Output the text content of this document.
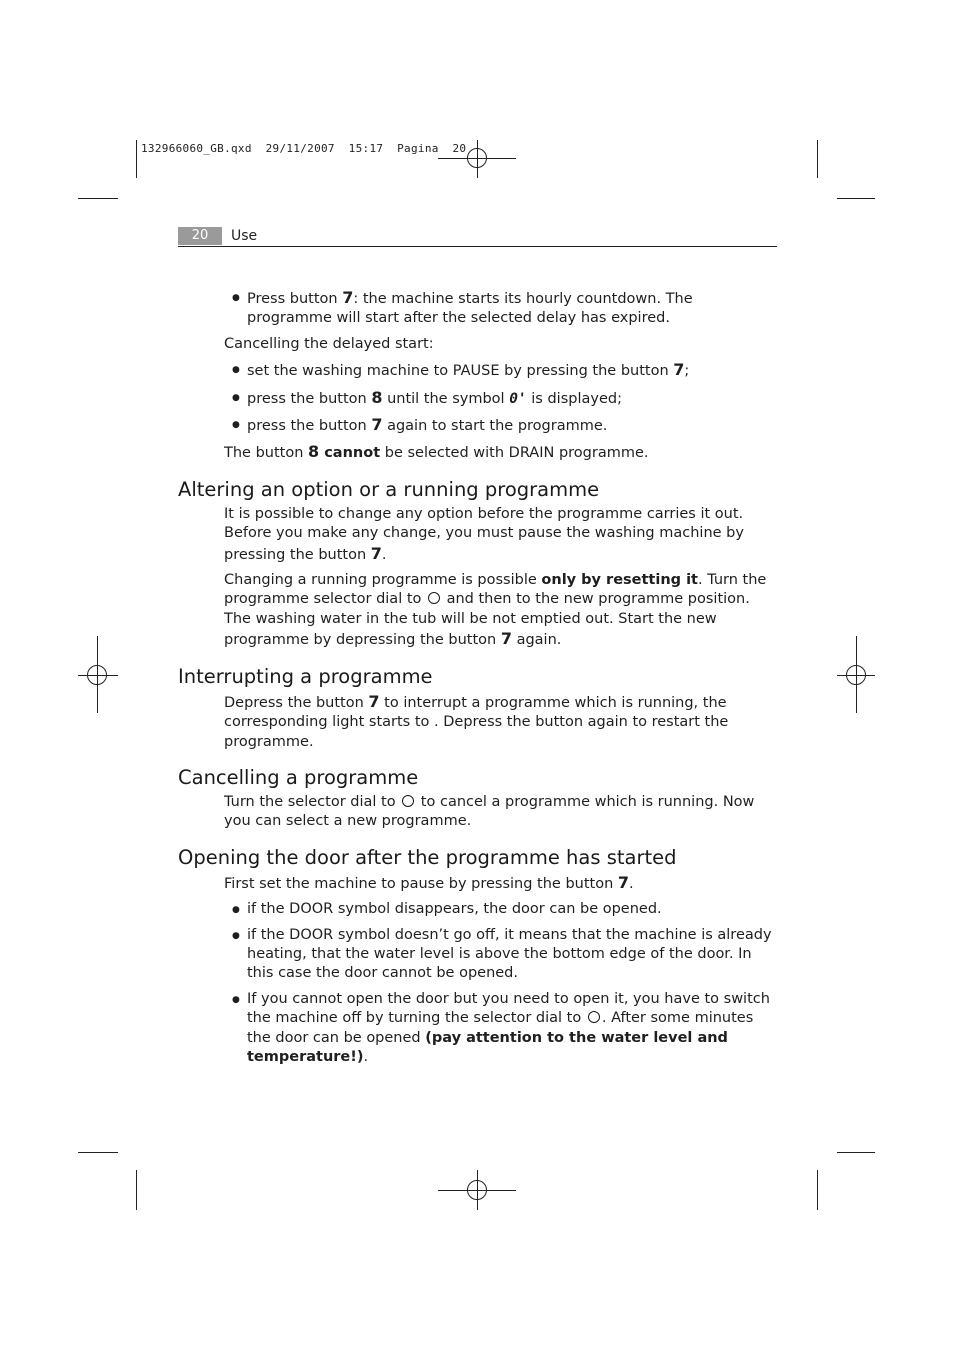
132966060_GB.qxd  29/11/2007  15:17  Pagina  20
20	Use
● Press button 7: the machine starts its hourly countdown. The programme will start after the selected delay has expired.

Cancelling the delayed start:

● set the washing machine to PAUSE by pressing the button 7;
● press the button 8 until the symbol 0' is displayed;
● press the button 7 again to start the programme.

The button 8 cannot be selected with DRAIN programme.

Altering an option or a running programme

It is possible to change any option before the programme carries it out. Before you make any change, you must pause the washing machine by pressing the button 7.

Changing a running programme is possible only by resetting it. Turn the programme selector dial to  and then to the new programme position. The washing water in the tub will be not emptied out. Start the new programme by depressing the button 7 again.

Interrupting a programme

Depress the button 7 to interrupt a programme which is running, the corresponding light starts to . Depress the button again to restart the programme.

Cancelling a programme

Turn the selector dial to  to cancel a programme which is running. Now you can select a new programme.

Opening the door after the programme has started

First set the machine to pause by pressing the button 7.

● if the DOOR symbol disappears, the door can be opened.
● if the DOOR symbol doesn’t go off, it means that the machine is already heating, that the water level is above the bottom edge of the door. In this case the door cannot be opened.
● If you cannot open the door but you need to open it, you have to switch the machine off by turning the selector dial to . After some minutes the door can be opened (pay attention to the water level and temperature!).
